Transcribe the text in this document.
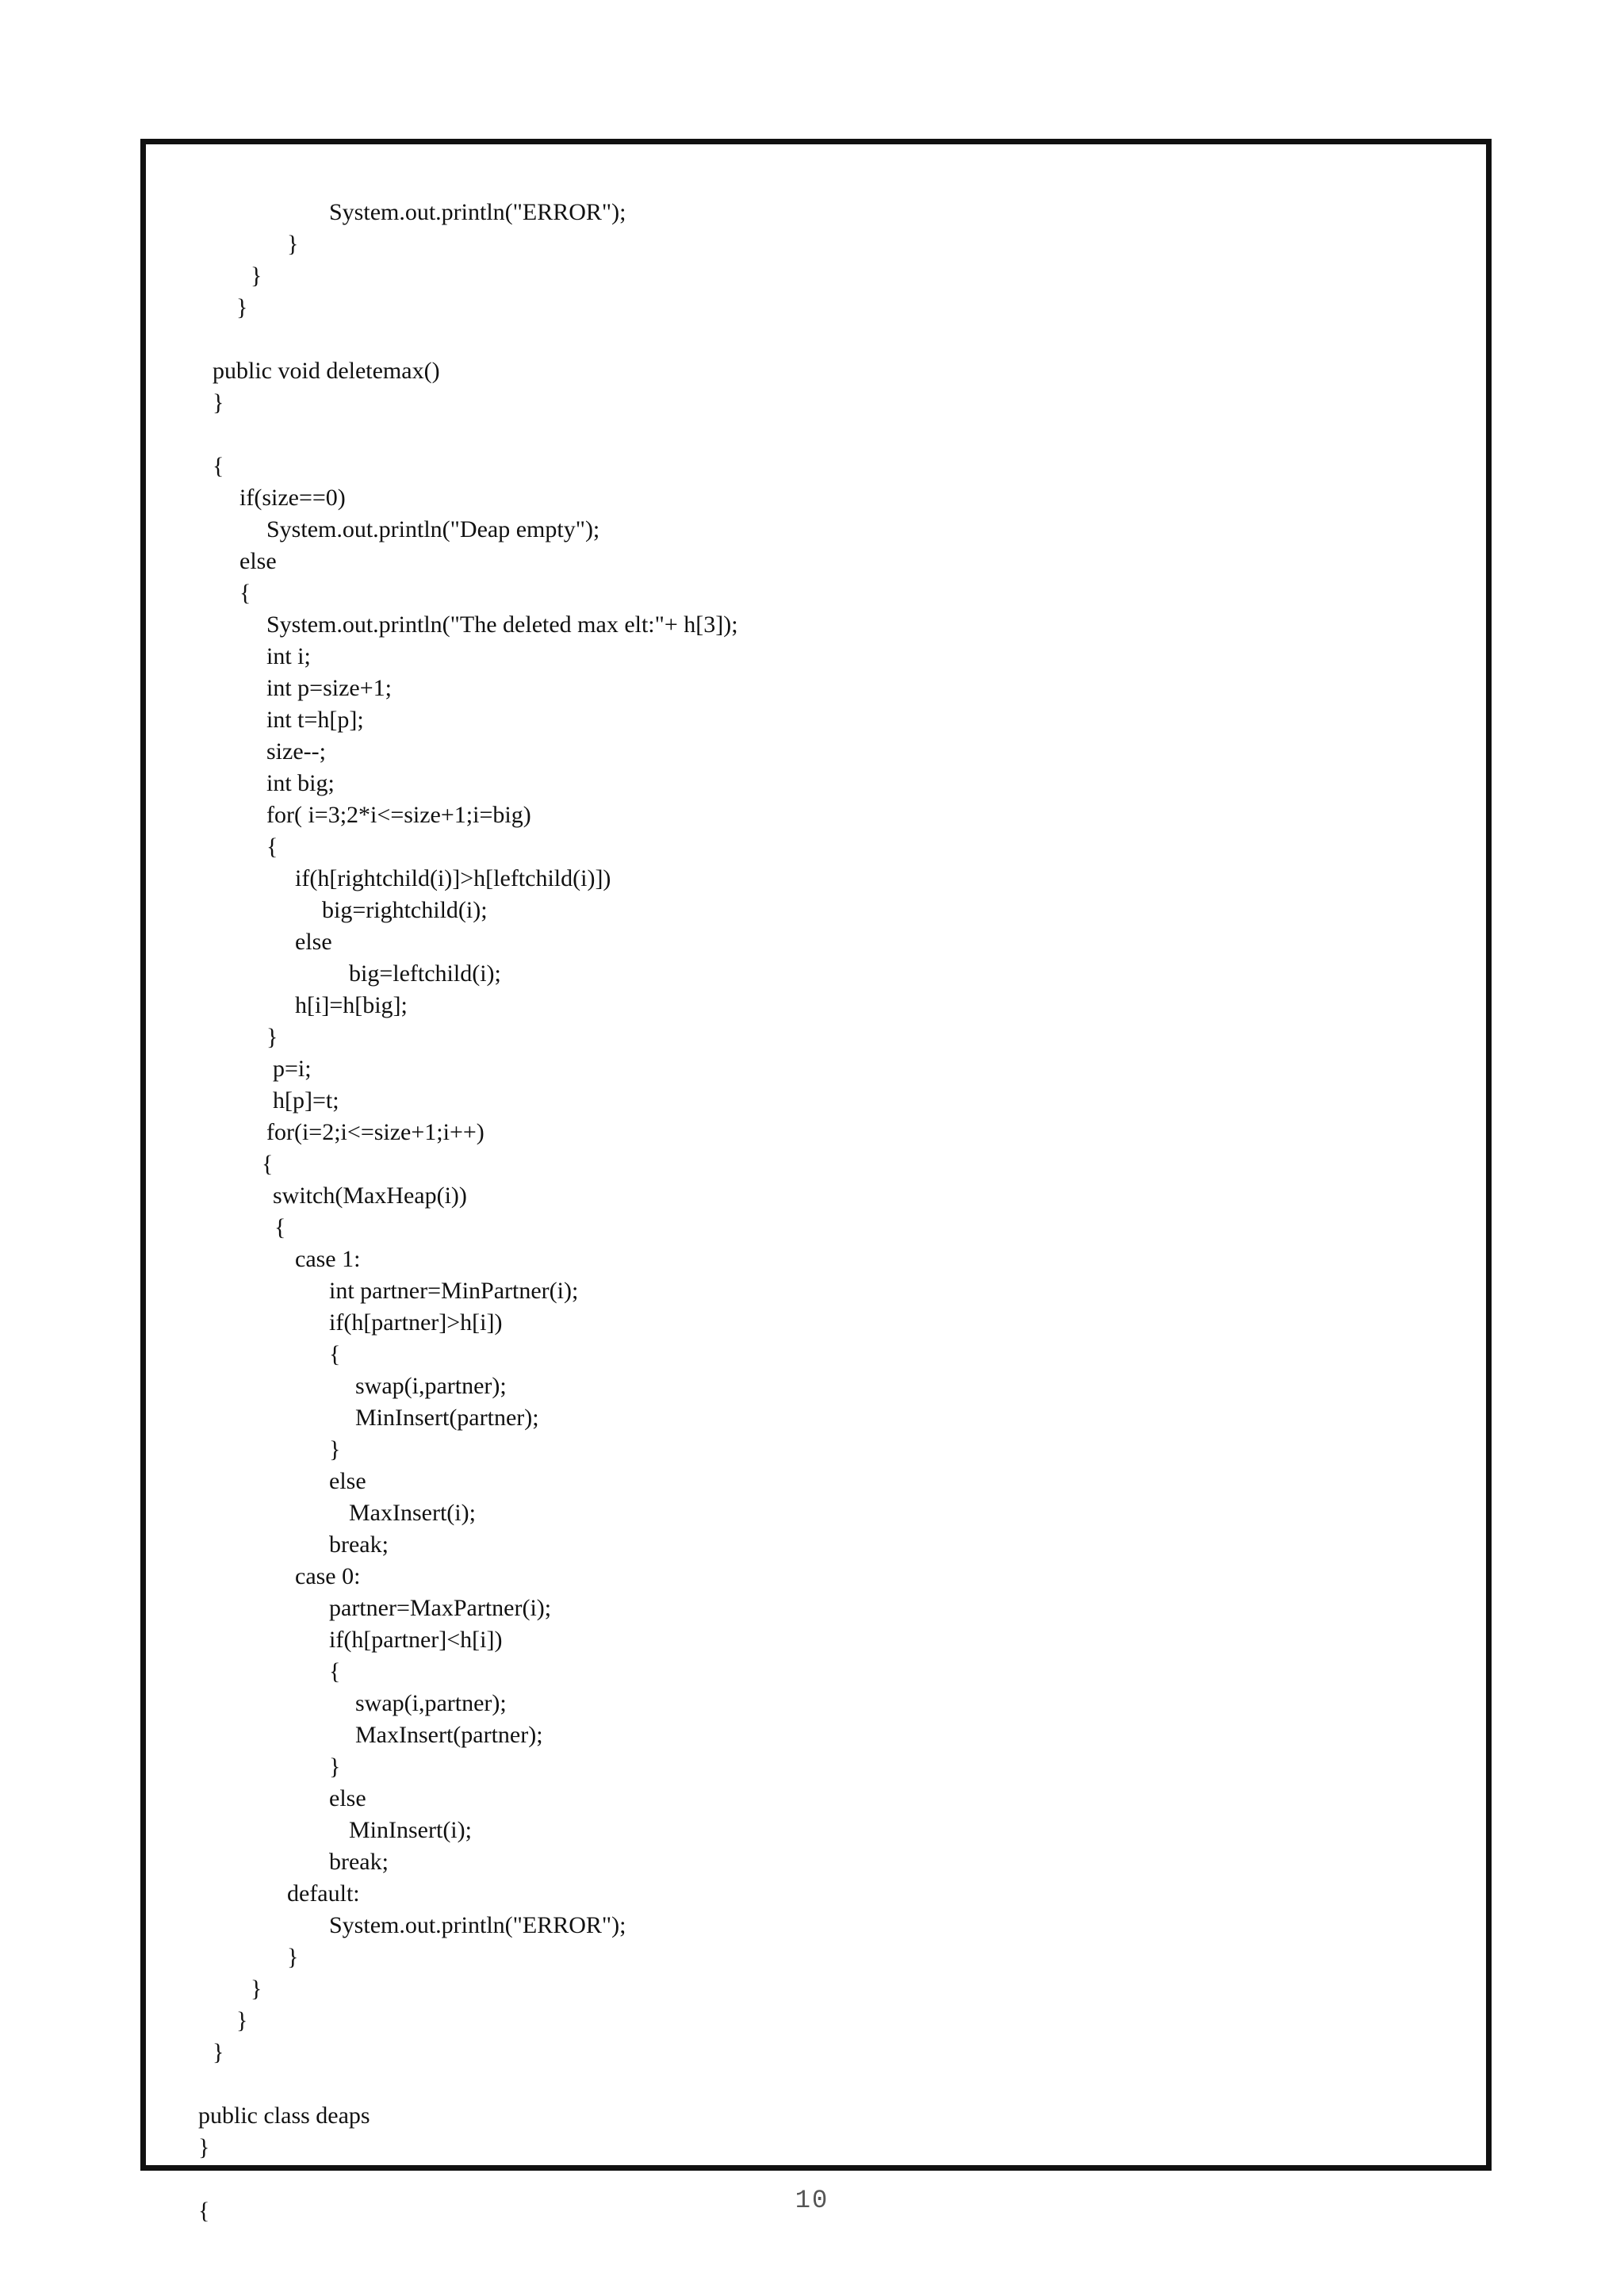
System.out.println("ERROR");
}
}
}
public void deletemax()
}
{
if(size==0)
System.out.println("Deap empty");
else
{
System.out.println("The deleted max elt:"+ h[3]);
int i;
int p=size+1;
int t=h[p];
size--;
int big;
for( i=3;2*i<=size+1;i=big)
{
if(h[rightchild(i)]>h[leftchild(i)])
big=rightchild(i);
else
big=leftchild(i);
h[i]=h[big];
}
p=i;
h[p]=t;
for(i=2;i<=size+1;i++)
{
switch(MaxHeap(i))
{
case 1:
int partner=MinPartner(i);
if(h[partner]>h[i])
{
swap(i,partner);
MinInsert(partner);
}
else
MaxInsert(i);
break;
case 0:
partner=MaxPartner(i);
if(h[partner]<h[i])
{
swap(i,partner);
MaxInsert(partner);
}
else
MinInsert(i);
break;
default:
System.out.println("ERROR");
}
}
}
}
public class deaps
}
{	10
